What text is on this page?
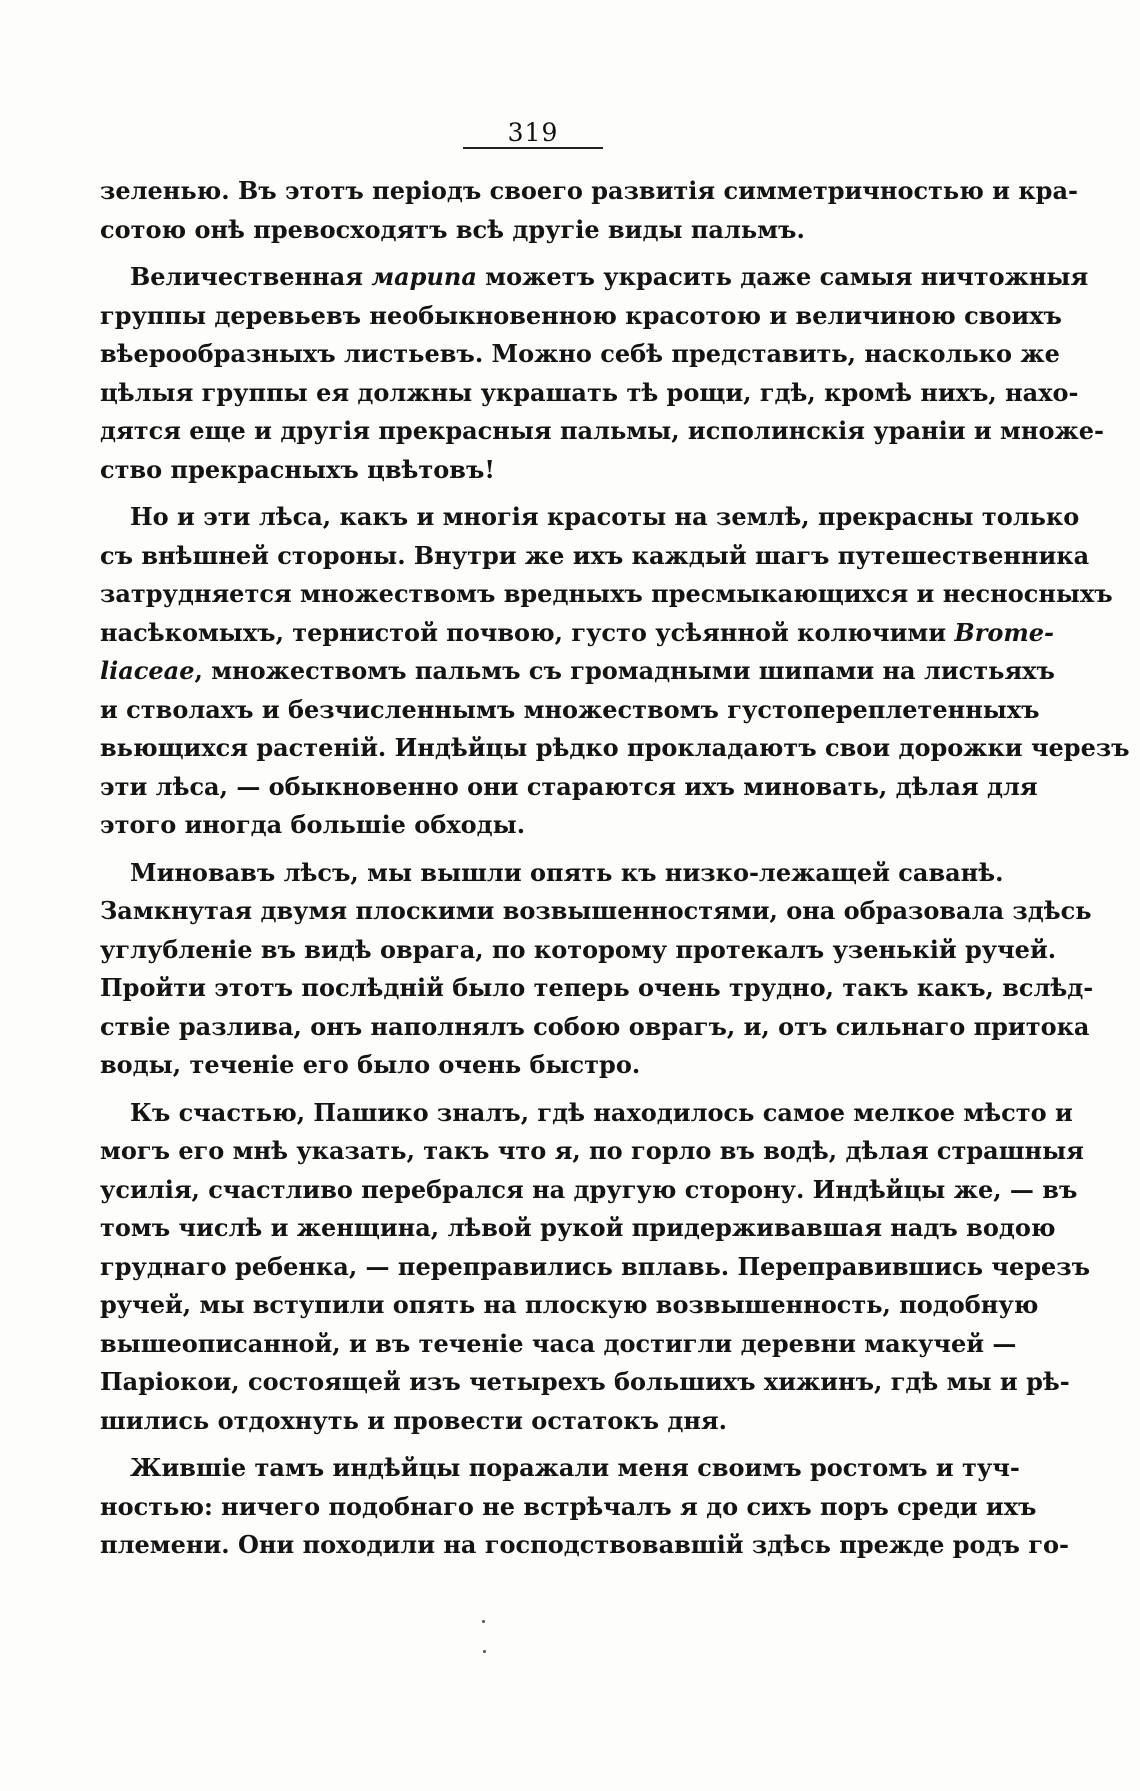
319
зеленью. Въ этотъ періодъ своего развитія симметричностью и кра-
сотою онѣ превосходятъ всѣ другіе виды пальмъ.
Величественная марипа можетъ украсить даже самыя ничтожныя
группы деревьевъ необыкновенною красотою и величиною своихъ
вѣерообразныхъ листьевъ. Можно себѣ представить, насколько же
цѣлыя группы ея должны украшать тѣ рощи, гдѣ, кромѣ нихъ, нахо-
дятся еще и другія прекрасныя пальмы, исполинскія ураніи и множе-
ство прекрасныхъ цвѣтовъ!
Но и эти лѣса, какъ и многія красоты на землѣ, прекрасны только
съ внѣшней стороны. Внутри же ихъ каждый шагъ путешественника
затрудняется множествомъ вредныхъ пресмыкающихся и несносныхъ
насѣкомыхъ, тернистой почвою, густо усѣянной колючими Brome-
liaceae, множествомъ пальмъ съ громадными шипами на листьяхъ
и стволахъ и безчисленнымъ множествомъ густопереплетенныхъ
вьющихся растеній. Индѣйцы рѣдко прокладаютъ свои дорожки черезъ
эти лѣса, — обыкновенно они стараются ихъ миновать, дѣлая для
этого иногда большіе обходы.
Миновавъ лѣсъ, мы вышли опять къ низко-лежащей саванѣ.
Замкнутая двумя плоскими возвышенностями, она образовала здѣсь
углубленіе въ видѣ оврага, по которому протекалъ узенькій ручей.
Пройти этотъ послѣдній было теперь очень трудно, такъ какъ, вслѣд-
ствіе разлива, онъ наполнялъ собою оврагъ, и, отъ сильнаго притока
воды, теченіе его было очень быстро.
Къ счастью, Пашико зналъ, гдѣ находилось самое мелкое мѣсто и
могъ его мнѣ указать, такъ что я, по горло въ водѣ, дѣлая страшныя
усилія, счастливо перебрался на другую сторону. Индѣйцы же, — въ
томъ числѣ и женщина, лѣвой рукой придерживавшая надъ водою
груднаго ребенка, — переправились вплавь. Переправившись черезъ
ручей, мы вступили опять на плоскую возвышенность, подобную
вышеописанной, и въ теченіе часа достигли деревни макучей —
Паріокои, состоящей изъ четырехъ большихъ хижинъ, гдѣ мы и рѣ-
шились отдохнуть и провести остатокъ дня.
Жившіе тамъ индѣйцы поражали меня своимъ ростомъ и туч-
ностью: ничего подобнаго не встрѣчалъ я до сихъ поръ среди ихъ
племени. Они походили на господствовавшій здѣсь прежде родъ го-
